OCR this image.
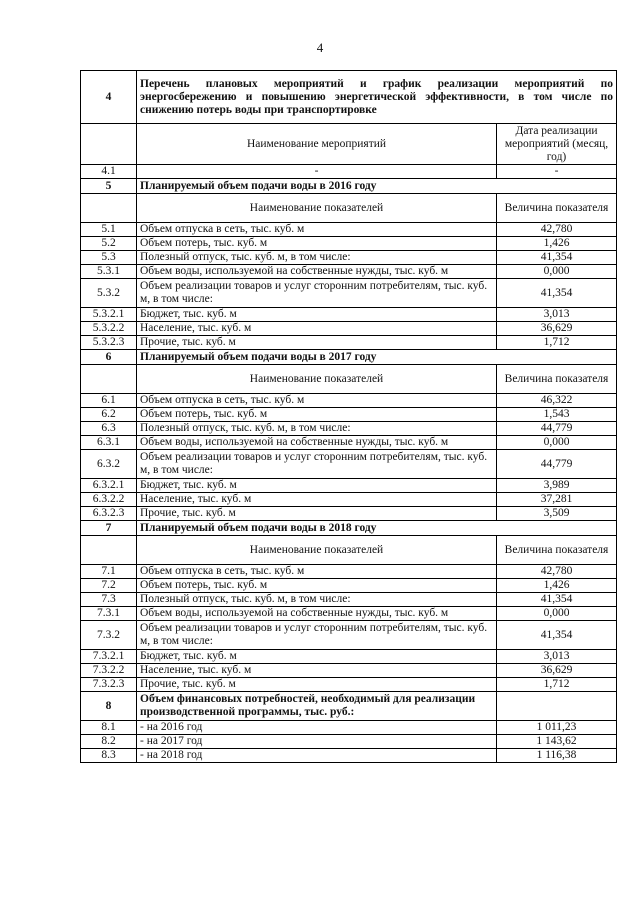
4
4	Перечень плановых мероприятий и график реализации мероприятий по энергосбережению и повышению энергетической эффективности, в том числе по снижению потерь воды при транспортировке	
	Наименование мероприятий	Дата реализации мероприятий (месяц, год)
4.1	-	-
5	Планируемый объем подачи воды в 2016 году	
	Наименование показателей	Величина показателя
5.1	Объем отпуска в сеть, тыс. куб. м	42,780
5.2	Объем потерь, тыс. куб. м	1,426
5.3	Полезный отпуск, тыс. куб. м, в том числе:	41,354
5.3.1	Объем воды, используемой на собственные нужды, тыс. куб. м	0,000
5.3.2	Объем реализации товаров и услуг сторонним потребителям, тыс. куб. м, в том числе:	41,354
5.3.2.1	Бюджет, тыс. куб. м	3,013
5.3.2.2	Население, тыс. куб. м	36,629
5.3.2.3	Прочие, тыс. куб. м	1,712
6	Планируемый объем подачи воды в 2017 году	
	Наименование показателей	Величина показателя
6.1	Объем отпуска в сеть, тыс. куб. м	46,322
6.2	Объем потерь, тыс. куб. м	1,543
6.3	Полезный отпуск, тыс. куб. м, в том числе:	44,779
6.3.1	Объем воды, используемой на собственные нужды, тыс. куб. м	0,000
6.3.2	Объем реализации товаров и услуг сторонним потребителям, тыс. куб. м, в том числе:	44,779
6.3.2.1	Бюджет, тыс. куб. м	3,989
6.3.2.2	Население, тыс. куб. м	37,281
6.3.2.3	Прочие, тыс. куб. м	3,509
7	Планируемый объем подачи воды в 2018 году	
	Наименование показателей	Величина показателя
7.1	Объем отпуска в сеть, тыс. куб. м	42,780
7.2	Объем потерь, тыс. куб. м	1,426
7.3	Полезный отпуск, тыс. куб. м, в том числе:	41,354
7.3.1	Объем воды, используемой на собственные нужды, тыс. куб. м	0,000
7.3.2	Объем реализации товаров и услуг сторонним потребителям, тыс. куб. м, в том числе:	41,354
7.3.2.1	Бюджет, тыс. куб. м	3,013
7.3.2.2	Население, тыс. куб. м	36,629
7.3.2.3	Прочие, тыс. куб. м	1,712
8	Объем финансовых потребностей, необходимый для реализации производственной программы, тыс. руб.:	
8.1	- на 2016 год	1 011,23
8.2	- на 2017 год	1 143,62
8.3	- на 2018 год	1 116,38
